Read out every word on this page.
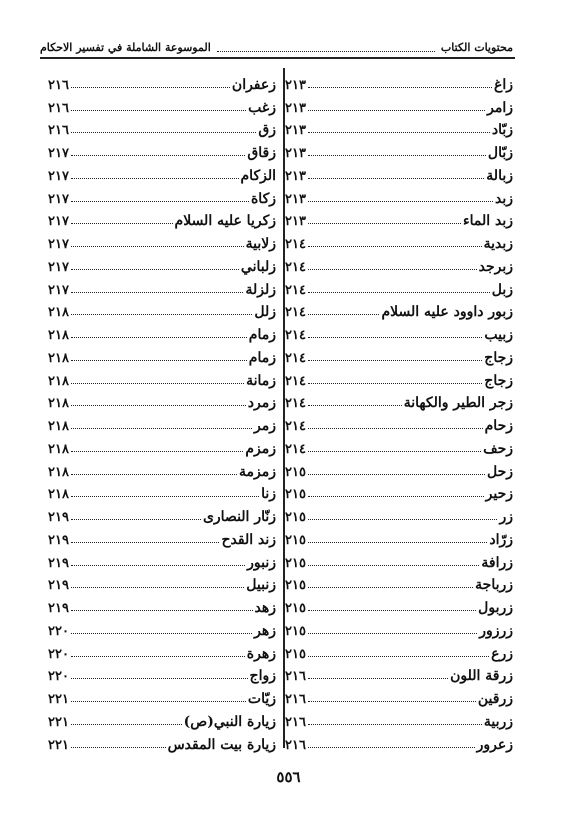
محتويات الكتاب
الموسوعة الشاملة في تفسير الاحكام
زاغ
٢١٣
زامر
٢١٣
زبّاد
٢١٣
زبّال
٢١٣
زبالة
٢١٣
زبد
٢١٣
زبد الماء
٢١٣
زبدية
٢١٤
زبرجد
٢١٤
زبل
٢١٤
زبور داوود عليه السلام
٢١٤
زبيب
٢١٤
زجاج
٢١٤
زجاج
٢١٤
زجر الطير والكهانة
٢١٤
زحام
٢١٤
زحف
٢١٤
زحل
٢١٥
زحير
٢١٥
زر
٢١٥
زرّاد
٢١٥
زرافة
٢١٥
زرباجة
٢١٥
زربول
٢١٥
زرزور
٢١٥
زرع
٢١٥
زرقة اللون
٢١٦
زرقين
٢١٦
زربية
٢١٦
زعرور
٢١٦
زعفران
٢١٦
زغب
٢١٦
زق
٢١٦
زقاق
٢١٧
الزكام
٢١٧
زكاة
٢١٧
زكريا عليه السلام
٢١٧
زلابية
٢١٧
زلباني
٢١٧
زلزلة
٢١٧
زلل
٢١٨
زمام
٢١٨
زمام
٢١٨
زمانة
٢١٨
زمرد
٢١٨
زمر
٢١٨
زمزم
٢١٨
زمزمة
٢١٨
زنا
٢١٨
زنّار النصارى
٢١٩
زند القدح
٢١٩
زنبور
٢١٩
زنبيل
٢١٩
زهد
٢١٩
زهر
٢٢٠
زهرة
٢٢٠
زواج
٢٢٠
زيّات
٢٢١
زيارة النبي(ص)
٢٢١
زيارة بيت المقدس
٢٢١
٥٥٦
